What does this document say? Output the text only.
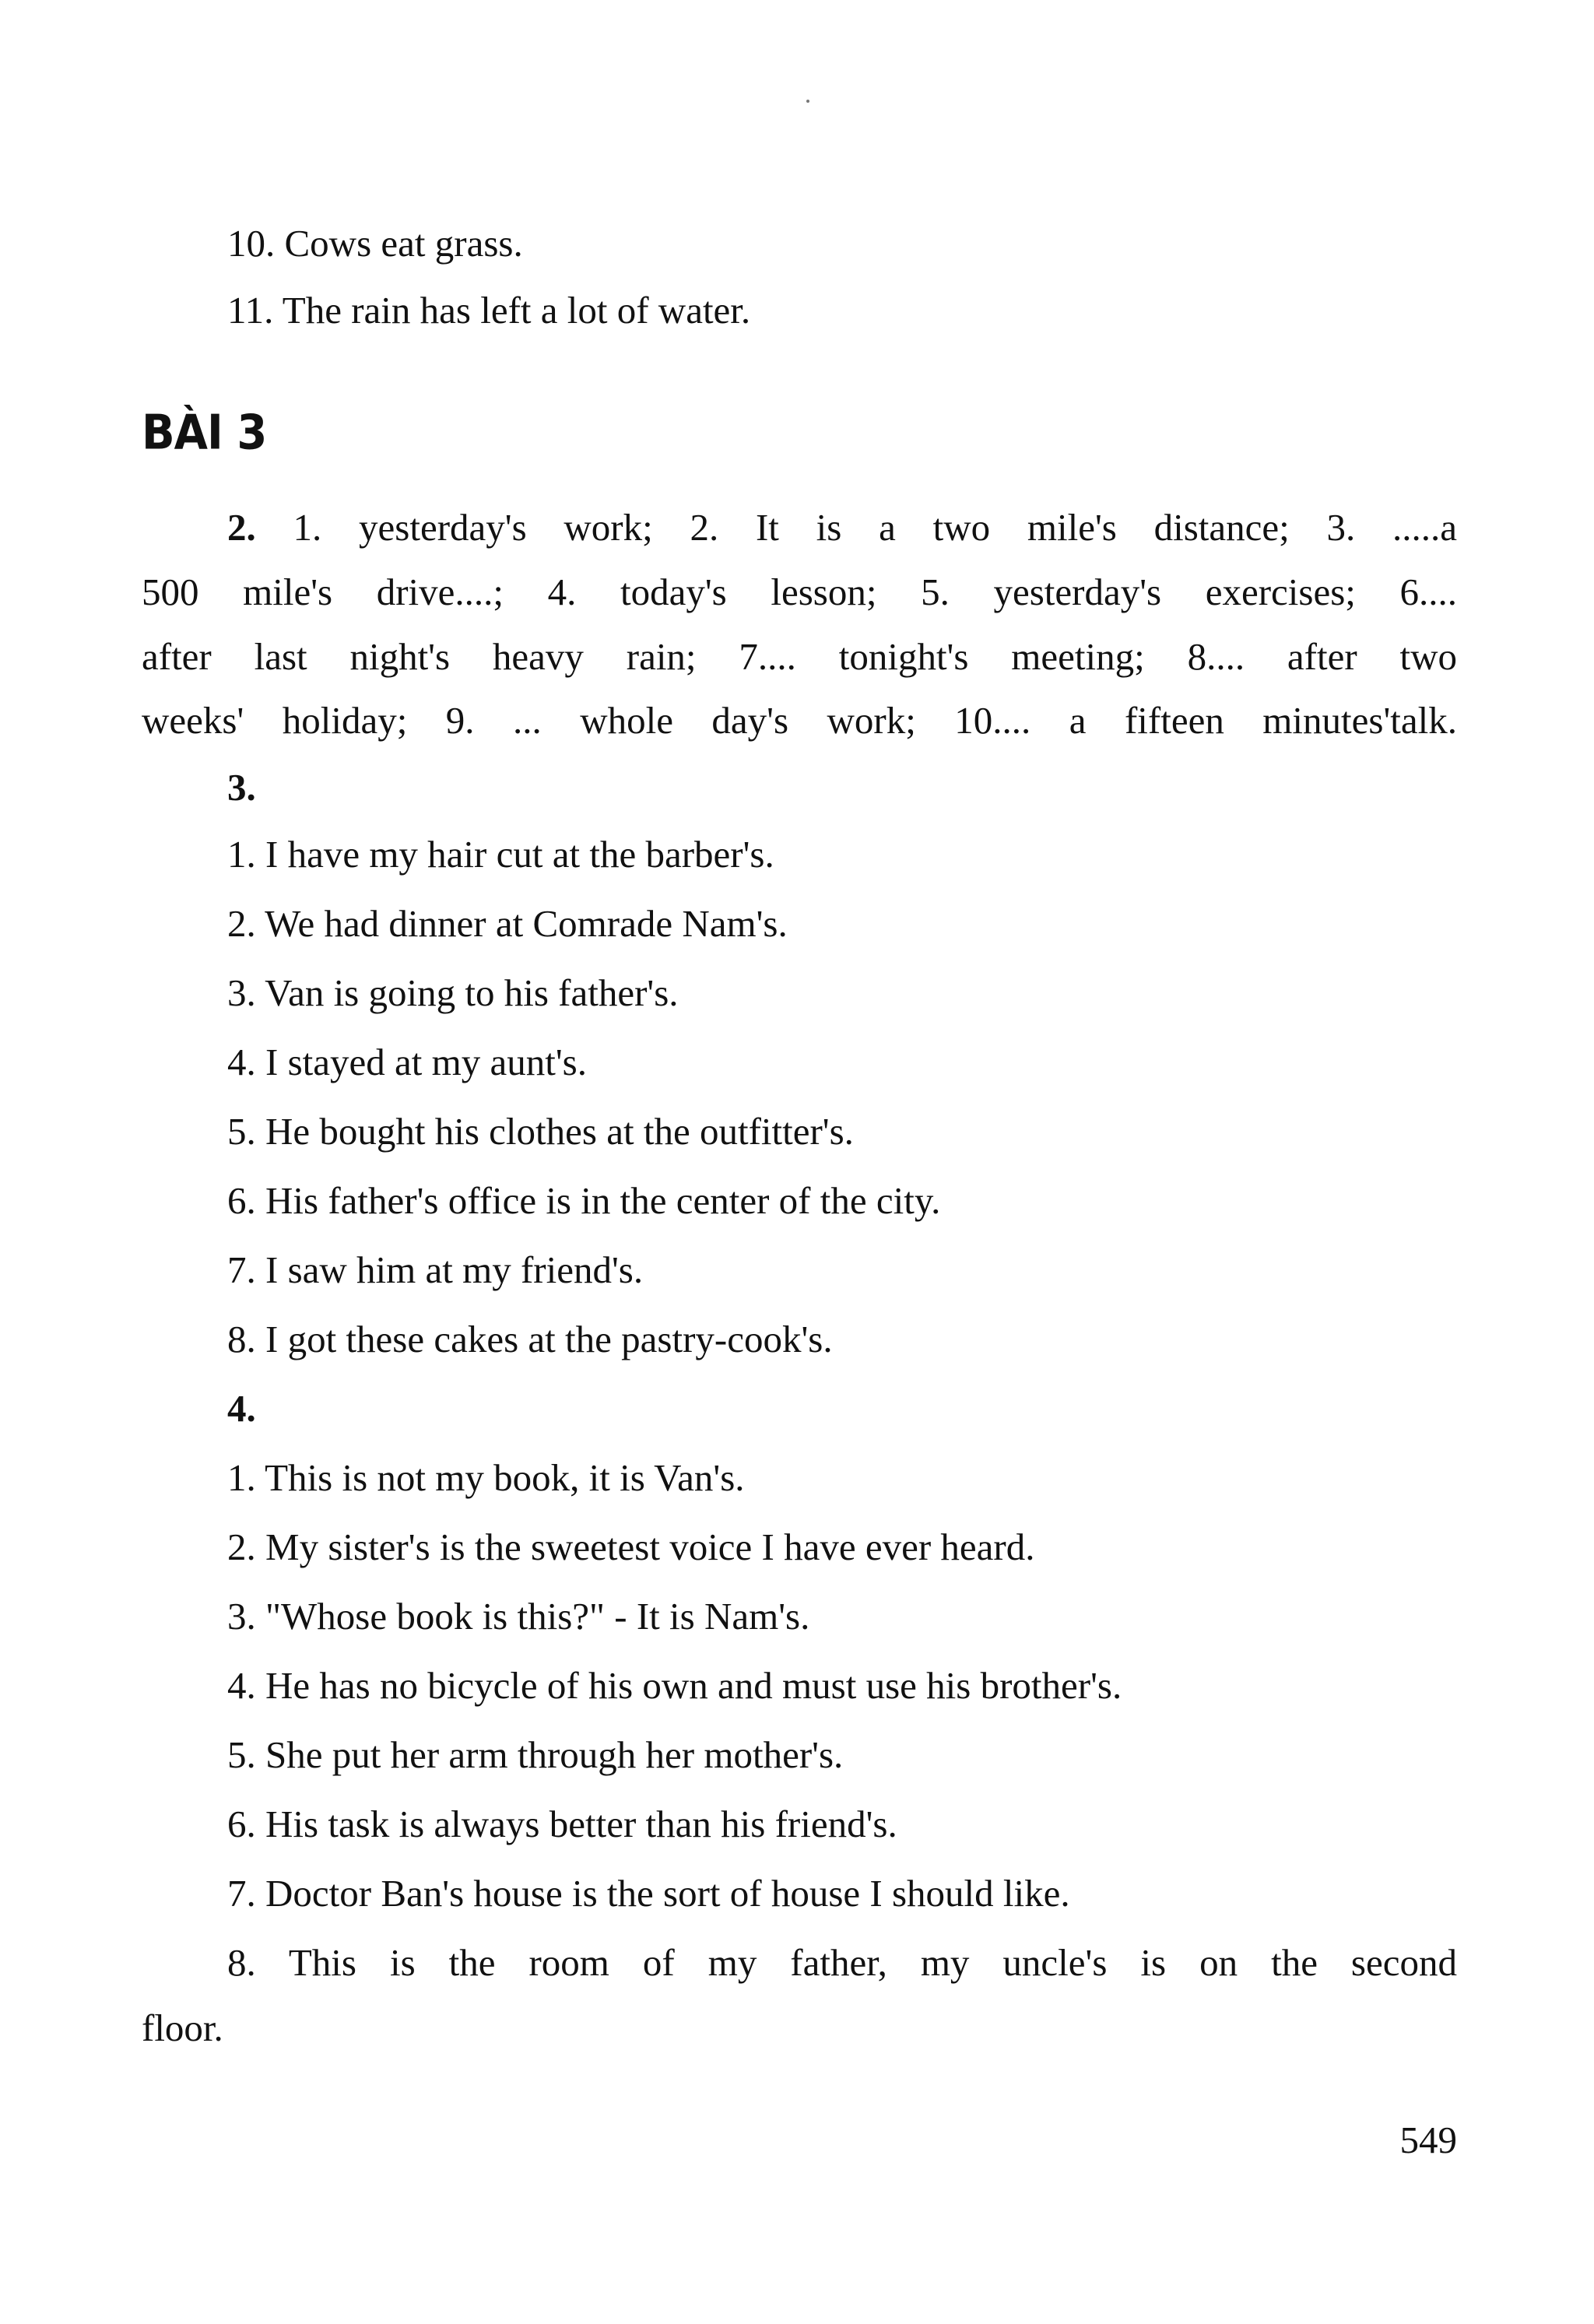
10. Cows eat grass.

11. The rain has left a lot of water.

BÀI 3

2. 1. yesterday's work; 2. It is a two mile's distance; 3. .....a

500 mile's drive....; 4. today's lesson; 5. yesterday's exercises; 6....

after last night's heavy rain; 7.... tonight's meeting; 8.... after two

weeks' holiday; 9. ... whole day's work; 10.... a fifteen minutes'talk.

3.

1. I have my hair cut at the barber's.

2. We had dinner at Comrade Nam's.

3. Van is going to his father's.

4. I stayed at my aunt's.

5. He bought his clothes at the outfitter's.

6. His father's office is in the center of the city.

7. I saw him at my friend's.

8. I got these cakes at the pastry-cook's.

4.

1. This is not my book, it is Van's.

2. My sister's is the sweetest voice I have ever heard.

3. "Whose book is this?" - It is Nam's.

4. He has no bicycle of his own and must use his brother's.

5. She put her arm through her mother's.

6. His task is always better than his friend's.

7. Doctor Ban's house is the sort of house I should like.

8. This is the room of my father, my uncle's is on the second

floor.

549
